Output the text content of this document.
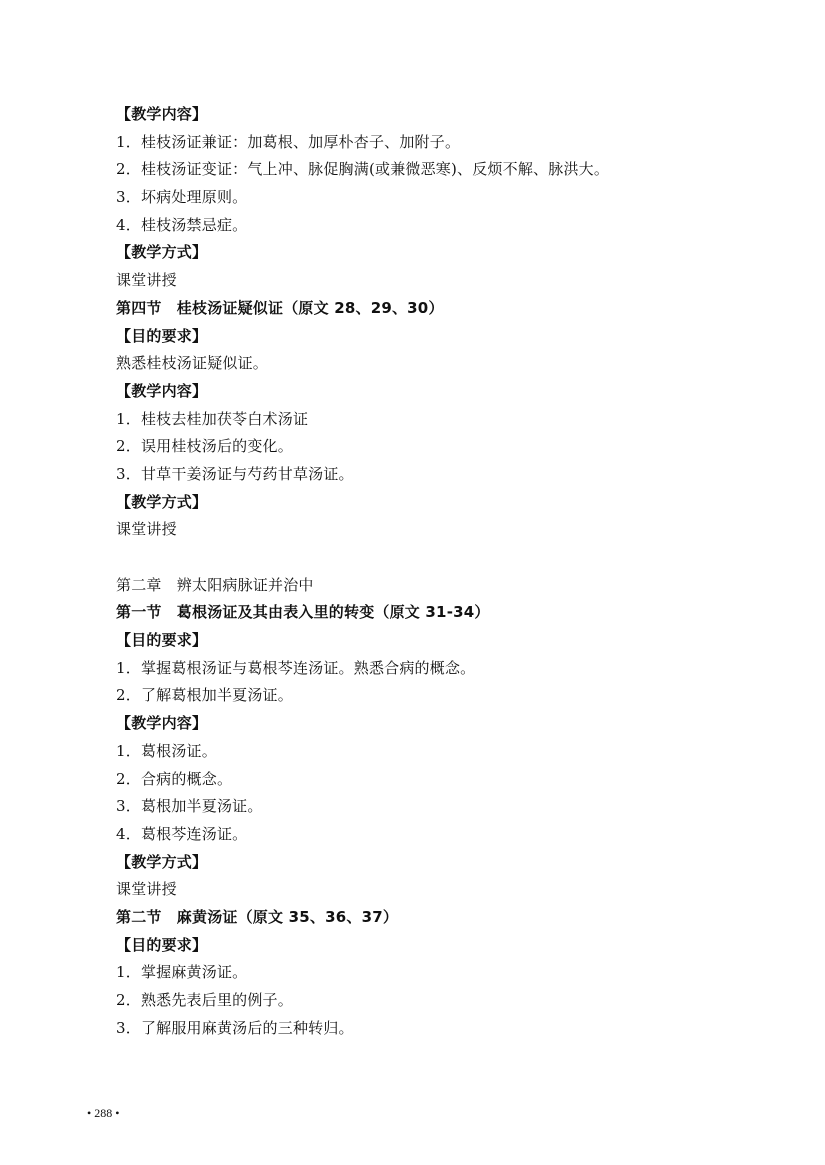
【教学内容】
1．桂枝汤证兼证：加葛根、加厚朴杏子、加附子。
2．桂枝汤证变证：气上冲、脉促胸满(或兼微恶寒)、反烦不解、脉洪大。
3．坏病处理原则。
4．桂枝汤禁忌症。
【教学方式】
课堂讲授
第四节　桂枝汤证疑似证（原文 28、29、30）
【目的要求】
熟悉桂枝汤证疑似证。
【教学内容】
1．桂枝去桂加茯苓白术汤证
2．误用桂枝汤后的变化。
3．甘草干姜汤证与芍药甘草汤证。
【教学方式】
课堂讲授
第二章　辨太阳病脉证并治中
第一节　葛根汤证及其由表入里的转变（原文 31-34）
【目的要求】
1．掌握葛根汤证与葛根芩连汤证。熟悉合病的概念。
2．了解葛根加半夏汤证。
【教学内容】
1．葛根汤证。
2．合病的概念。
3．葛根加半夏汤证。
4．葛根芩连汤证。
【教学方式】
课堂讲授
第二节　麻黄汤证（原文 35、36、37）
【目的要求】
1．掌握麻黄汤证。
2．熟悉先表后里的例子。
3．了解服用麻黄汤后的三种转归。
• 288 •
